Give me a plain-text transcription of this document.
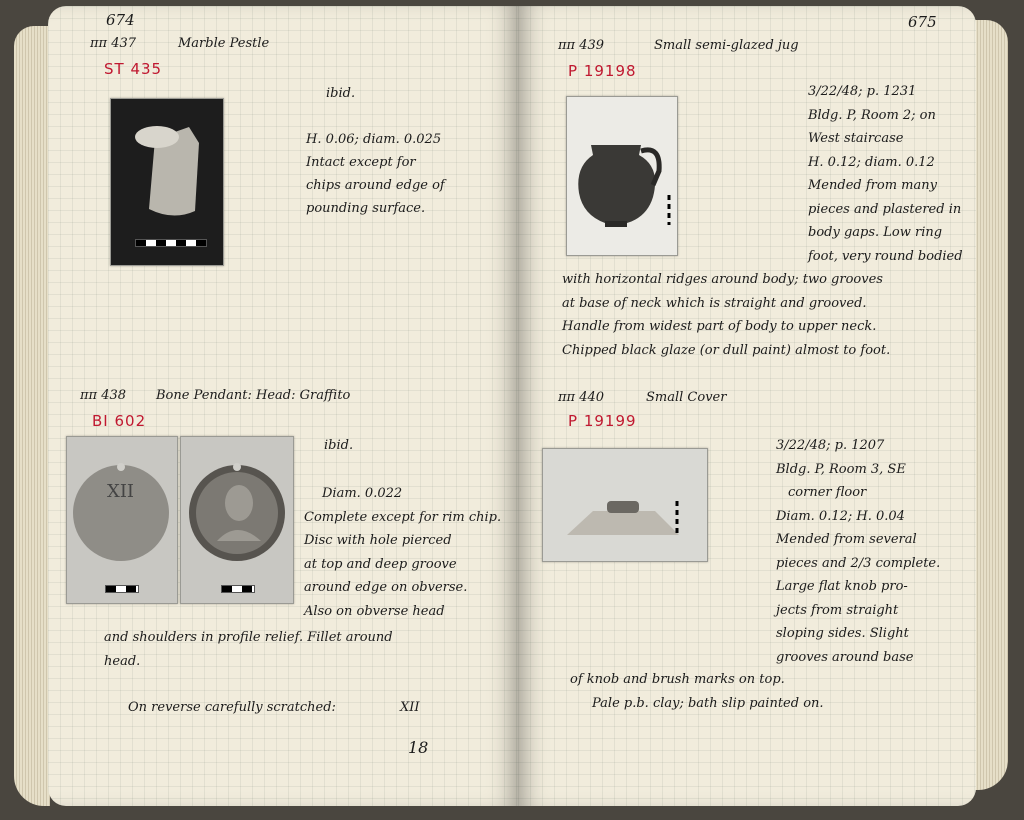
674
ππ 437	Marble Pestle
ST 435
ibid.
H. 0.06; diam. 0.025
Intact except for
chips around edge of
pounding surface.
ππ 438 Bone Pendant: Head: Graffito
BI 602
ibid.
XII	Diam. 0.022
Complete except for rim chip.
Disc with hole pierced
at top and deep groove
around edge on obverse.
Also on obverse head
and shoulders in profile relief. Fillet around
head.
On reverse carefully scratched:	XII
18
675
ππ 439	Small semi-glazed jug
P 19198
3/22/48; p. 1231
Bldg. P, Room 2; on
West staircase
H. 0.12; diam. 0.12
Mended from many
pieces and plastered in
body gaps. Low ring
foot, very round bodied
with horizontal ridges around body; two grooves
at base of neck which is straight and grooved.
Handle from widest part of body to upper neck.
Chipped black glaze (or dull paint) almost to foot.
ππ 440	Small Cover
P 19199
3/22/48; p. 1207
Bldg. P, Room 3, SE
corner floor
Diam. 0.12; H. 0.04
Mended from several
pieces and 2/3 complete.
Large flat knob pro-
jects from straight
sloping sides. Slight
grooves around base
of knob and brush marks on top.
Pale p.b. clay; bath slip painted on.
